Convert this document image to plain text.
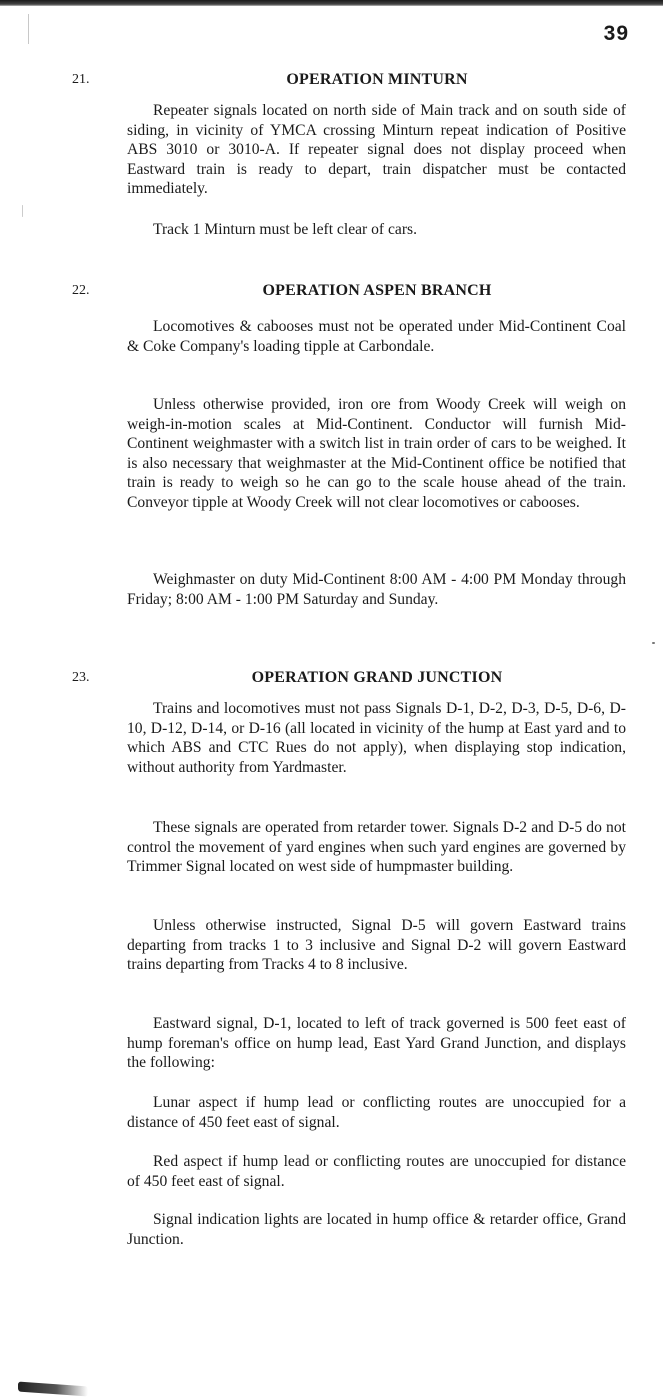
39
21.	OPERATION MINTURN

Repeater signals located on north side of Main track and on south side of siding, in vicinity of YMCA crossing Minturn repeat indication of Positive ABS 3010 or 3010-A. If repeater signal does not display proceed when Eastward train is ready to depart, train dispatcher must be contacted immediately.

Track 1 Minturn must be left clear of cars.

22.	OPERATION ASPEN BRANCH

Locomotives & cabooses must not be operated under Mid-Continent Coal & Coke Company's loading tipple at Carbondale.

Unless otherwise provided, iron ore from Woody Creek will weigh on weigh-in-motion scales at Mid-Continent. Conductor will furnish Mid-Continent weighmaster with a switch list in train order of cars to be weighed. It is also necessary that weighmaster at the Mid-Continent office be notified that train is ready to weigh so he can go to the scale house ahead of the train. Conveyor tipple at Woody Creek will not clear locomotives or cabooses.

Weighmaster on duty Mid-Continent 8:00 AM - 4:00 PM Monday through Friday; 8:00 AM - 1:00 PM Saturday and Sunday.

23.	OPERATION GRAND JUNCTION

Trains and locomotives must not pass Signals D-1, D-2, D-3, D-5, D-6, D-10, D-12, D-14, or D-16 (all located in vicinity of the hump at East yard and to which ABS and CTC Rues do not apply), when displaying stop indication, without authority from Yardmaster.

These signals are operated from retarder tower. Signals D-2 and D-5 do not control the movement of yard engines when such yard engines are governed by Trimmer Signal located on west side of humpmaster building.

Unless otherwise instructed, Signal D-5 will govern Eastward trains departing from tracks 1 to 3 inclusive and Signal D-2 will govern Eastward trains departing from Tracks 4 to 8 inclusive.

Eastward signal, D-1, located to left of track governed is 500 feet east of hump foreman's office on hump lead, East Yard Grand Junction, and displays the following:

Lunar aspect if hump lead or conflicting routes are unoccupied for a distance of 450 feet east of signal.

Red aspect if hump lead or conflicting routes are unoccupied for distance of 450 feet east of signal.

Signal indication lights are located in hump office & retarder office, Grand Junction.
